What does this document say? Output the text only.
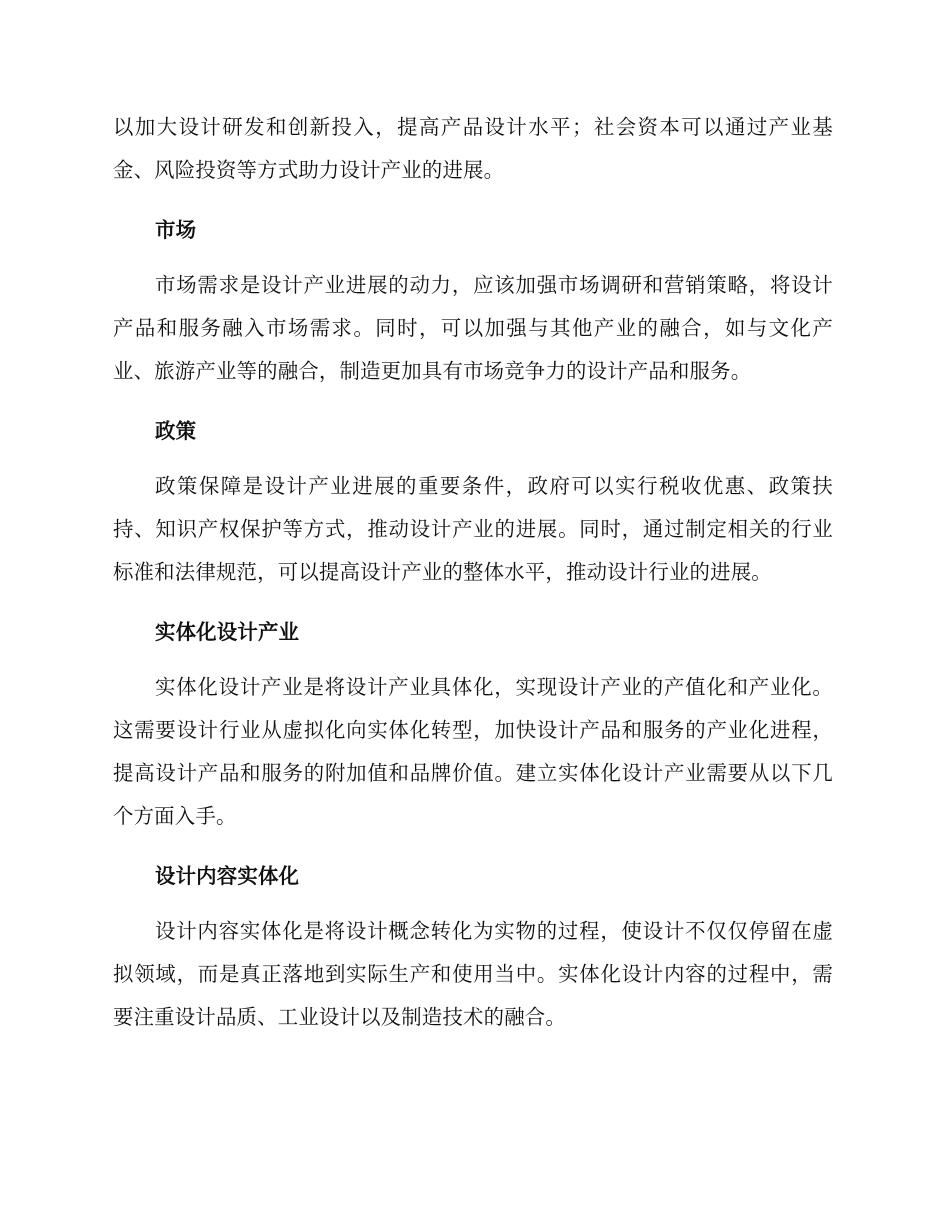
以加大设计研发和创新投入，提高产品设计水平；社会资本可以通过产业基金、风险投资等方式助力设计产业的进展。

市场

市场需求是设计产业进展的动力，应该加强市场调研和营销策略，将设计产品和服务融入市场需求。同时，可以加强与其他产业的融合，如与文化产业、旅游产业等的融合，制造更加具有市场竞争力的设计产品和服务。

政策

政策保障是设计产业进展的重要条件，政府可以实行税收优惠、政策扶持、知识产权保护等方式，推动设计产业的进展。同时，通过制定相关的行业标准和法律规范，可以提高设计产业的整体水平，推动设计行业的进展。

实体化设计产业

实体化设计产业是将设计产业具体化，实现设计产业的产值化和产业化。这需要设计行业从虚拟化向实体化转型，加快设计产品和服务的产业化进程，提高设计产品和服务的附加值和品牌价值。建立实体化设计产业需要从以下几个方面入手。

设计内容实体化

设计内容实体化是将设计概念转化为实物的过程，使设计不仅仅停留在虚拟领域，而是真正落地到实际生产和使用当中。实体化设计内容的过程中，需要注重设计品质、工业设计以及制造技术的融合。
